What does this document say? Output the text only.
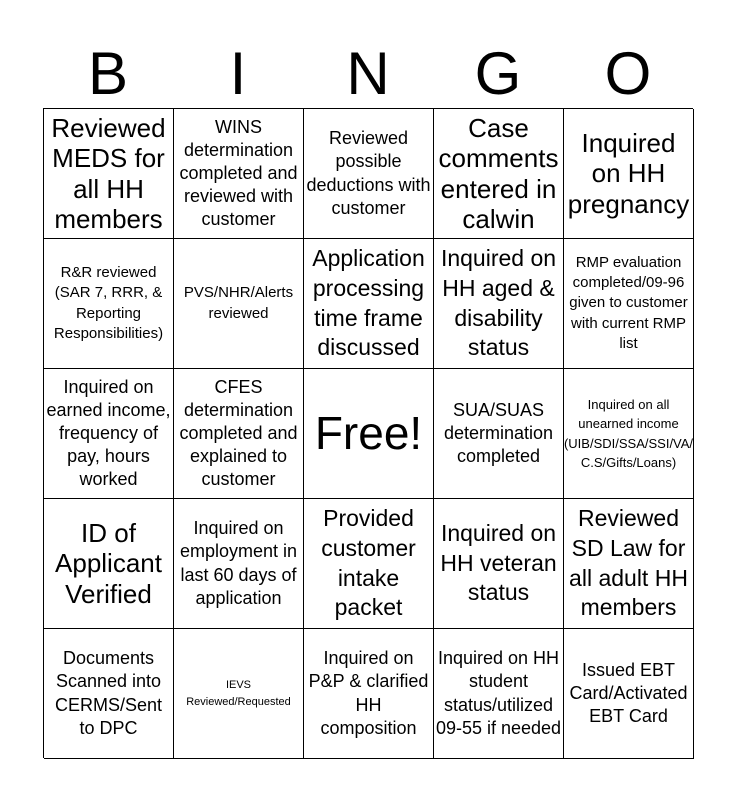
B	I	N	G	O
Reviewed MEDS for all HH members
WINS determination completed and reviewed with customer
Reviewed possible deductions with customer
Case comments entered in calwin
Inquired on HH pregnancy
R&R reviewed (SAR 7, RRR, & Reporting Responsibilities)
PVS/NHR/Alerts reviewed
Application processing time frame discussed
Inquired on HH aged & disability status
RMP evaluation completed/09-96 given to customer with current RMP list
Inquired on earned income, frequency of pay, hours worked
CFES determination completed and explained to customer
Free!	SUA/SUAS determination completed
Inquired on all unearned income (UIB/SDI/SSA/SSI/VA/ C.S/Gifts/Loans)
ID of Applicant Verified
Inquired on employment in last 60 days of application
Provided customer intake packet
Inquired on HH veteran status
Reviewed SD Law for all adult HH members
Documents Scanned into CERMS/Sent to DPC
IEVS Reviewed/Requested
Inquired on P&P & clarified HH composition
Inquired on HH student status/utilized 09-55 if needed
Issued EBT Card/Activated EBT Card
